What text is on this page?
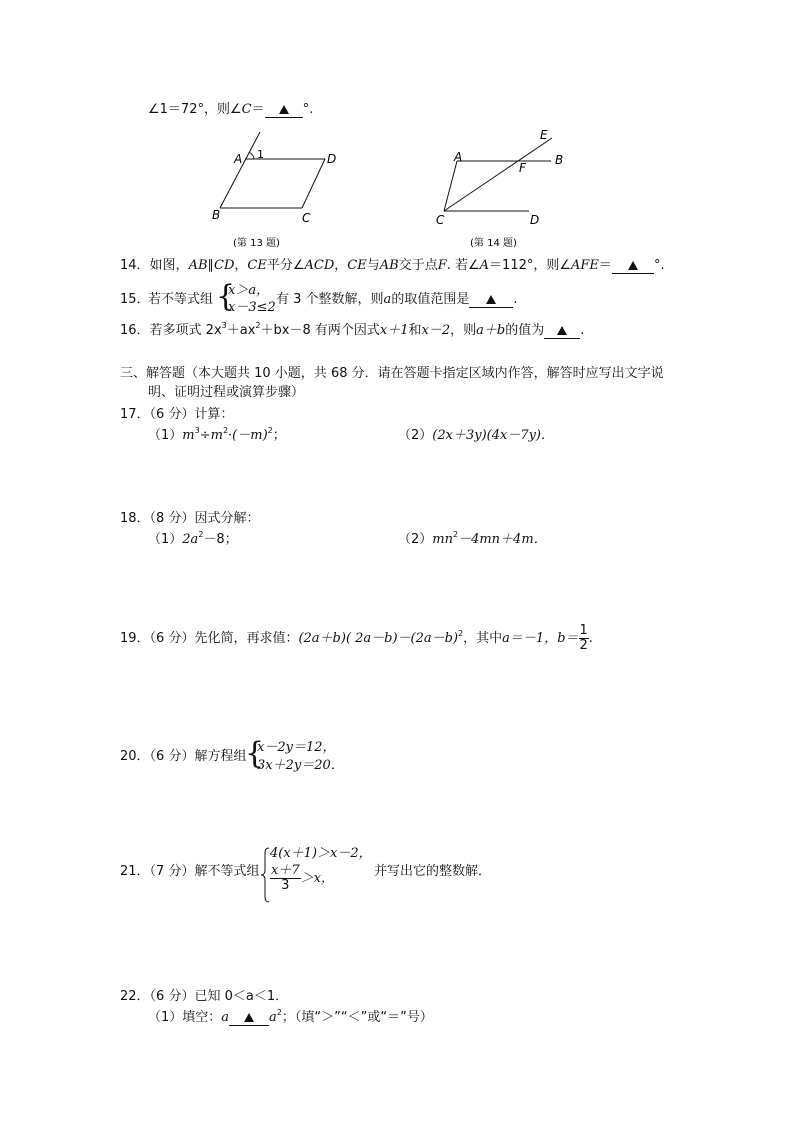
∠1＝72°，则∠C＝	°.
A 1	D
B	C
(第 13 题)
E
A	B
F
C	D
(第 14 题)
14．如图，AB∥CD，CE平分∠ACD，CE与AB交于点F. 若∠A＝112°，则∠AFE＝	°.
15．
若不等式组 {
x＞a，
x－3≤2
有 3 个整数解，则a的取值范围是	.
16．若多项式 $2x^3+ax^2+bx-8$ 有两个因式x＋1和x－2，则a＋b的值为	.
三、解答题（本大题共 10 小题，共 68 分．请在答题卡指定区域内作答，解答时应写出文字说
明、证明过程或演算步骤）
17．（6 分）计算：
$(1)m^3\div m^2\cdot(-m)^2$；	（2）(2x＋3y)(4x－7y)．
18．（8 分）因式分解：
$(1)2a^2-8$；	$(2)mn^2-4mn+4m$．
19．（6 分）先化简，再求值：(2a＋b)( $2a-b)-(2a-b)^2$，其中a＝－1，$b= \frac{1}{2}$ .
20．（6 分）解方程组
{
x－2y＝12，
3x＋2y＝20．
21．（7 分）解不等式组
4(x＋1)＞x－2，
$\frac{x+7}{3} >x$，	并写出它的整数解．
22．（6 分）已知 0＜a＜1．
（1）填空：a	$a^2$；（填“＞”“＜”或“＝”号）
